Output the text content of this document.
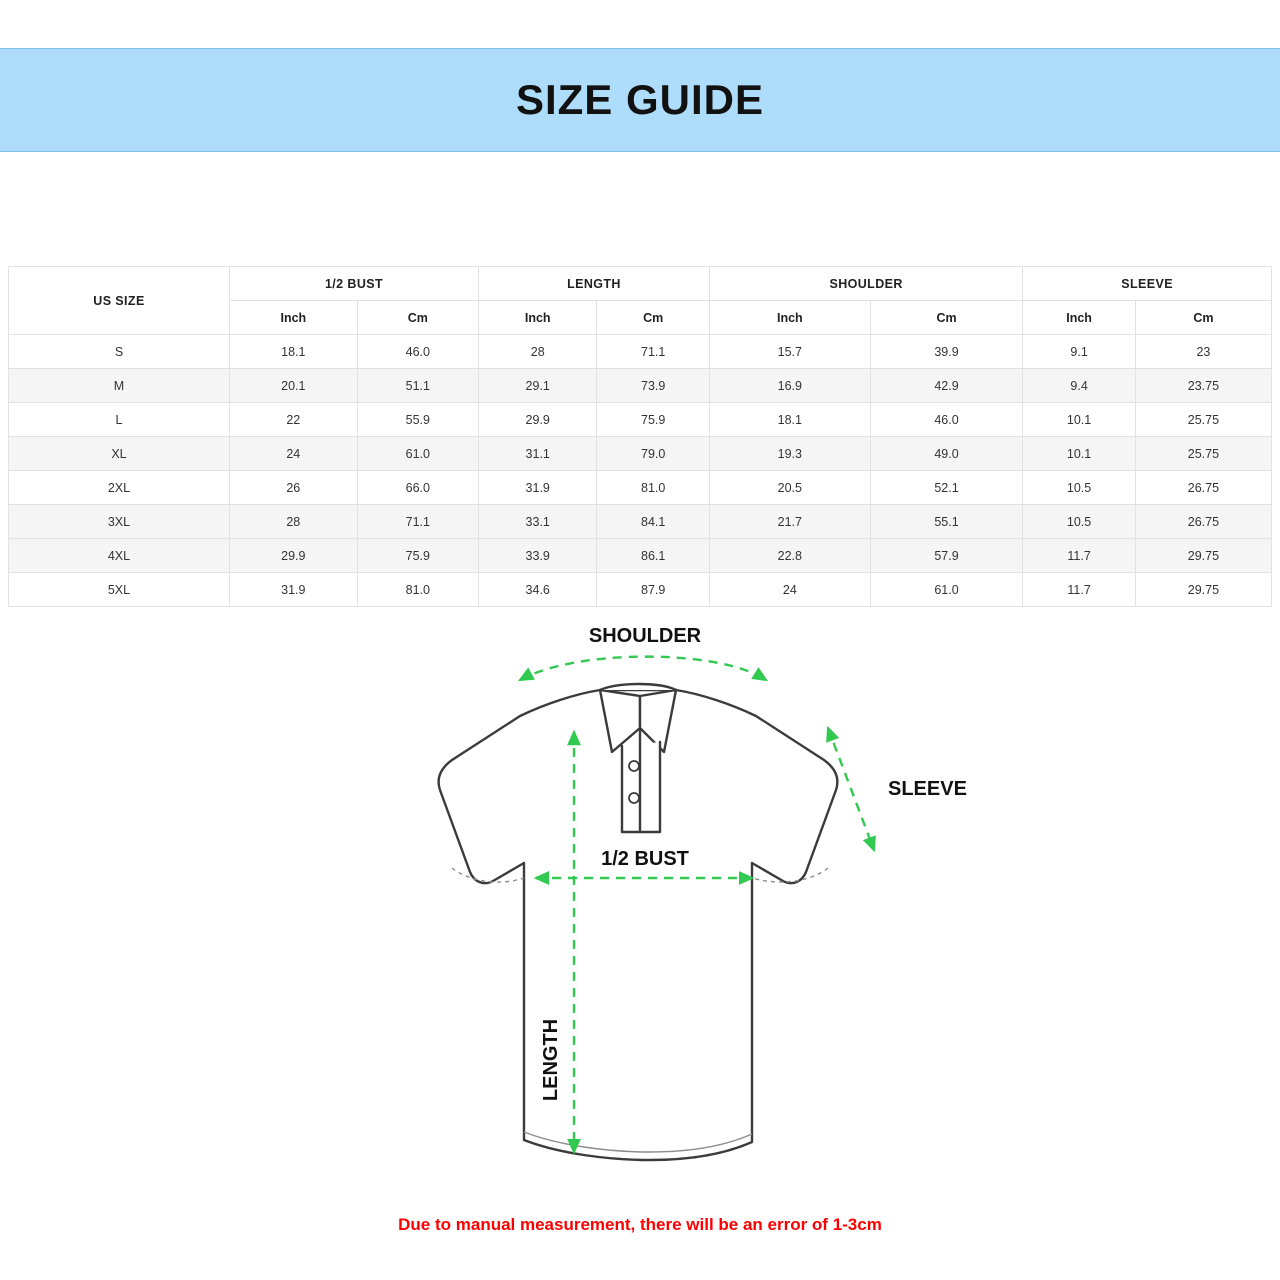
SIZE GUIDE
US SIZE	1/2 BUST		LENGTH		SHOULDER		SLEEVE	
	Inch	Cm	Inch	Cm	Inch	Cm	Inch	Cm
S	18.1	46.0	28	71.1	15.7	39.9	9.1	23
M	20.1	51.1	29.1	73.9	16.9	42.9	9.4	23.75
L	22	55.9	29.9	75.9	18.1	46.0	10.1	25.75
XL	24	61.0	31.1	79.0	19.3	49.0	10.1	25.75
2XL	26	66.0	31.9	81.0	20.5	52.1	10.5	26.75
3XL	28	71.1	33.1	84.1	21.7	55.1	10.5	26.75
4XL	29.9	75.9	33.9	86.1	22.8	57.9	11.7	29.75
5XL	31.9	81.0	34.6	87.9	24	61.0	11.7	29.75
SHOULDER
SLEEVE
1/2 BUST
LENGTH
Due to manual measurement, there will be an error of 1-3cm
